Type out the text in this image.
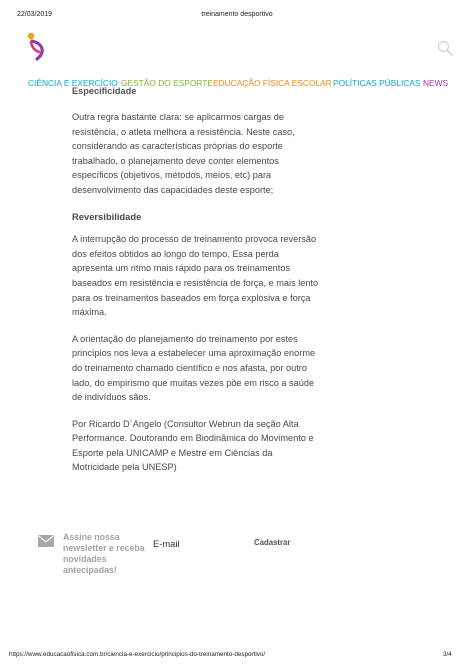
22/03/2019	treinamento desportivo
CIÊNCIA E EXERCÍCIO GESTÃO DO ESPORTE EDUCAÇÃO FÍSICA ESCOLAR POLÍTICAS PÚBLICAS NEWS
Especificidade

Outra regra bastante clara: se aplicarmos cargas de resistência, o atleta melhora a resistência. Neste caso, considerando as características próprias do esporte trabalhado, o planejamento deve conter elementos específicos (objetivos, métodos, meios, etc) para desenvolvimento das capacidades deste esporte;

Reversibilidade

A interrupção do processo de treinamento provoca reversão dos efeitos obtidos ao longo do tempo. Essa perda apresenta um ritmo mais rápido para os treinamentos baseados em resistência e resistência de força, e mais lento para os treinamentos baseados em força explosiva e força máxima.

A orientação do planejamento do treinamento por estes princípios nos leva a estabelecer uma aproximação enorme do treinamento chamado científico e nos afasta, por outro lado, do empirismo que muitas vezes põe em risco a saúde de indivíduos sãos.

Por Ricardo D´Angelo (Consultor Webrun da seção Alta Performance. Doutorando em Biodinâmica do Movimento e Esporte pela UNICAMP e Mestre em Ciências da Motricidade pela UNESP)

Assine nossa newsletter e receba novidades antecipadas!
E-mail
Cadastrar
https://www.educacaofisica.com.br/ciencia-e-exercicio/principios-do-treinamento-desportivo/	3/4
